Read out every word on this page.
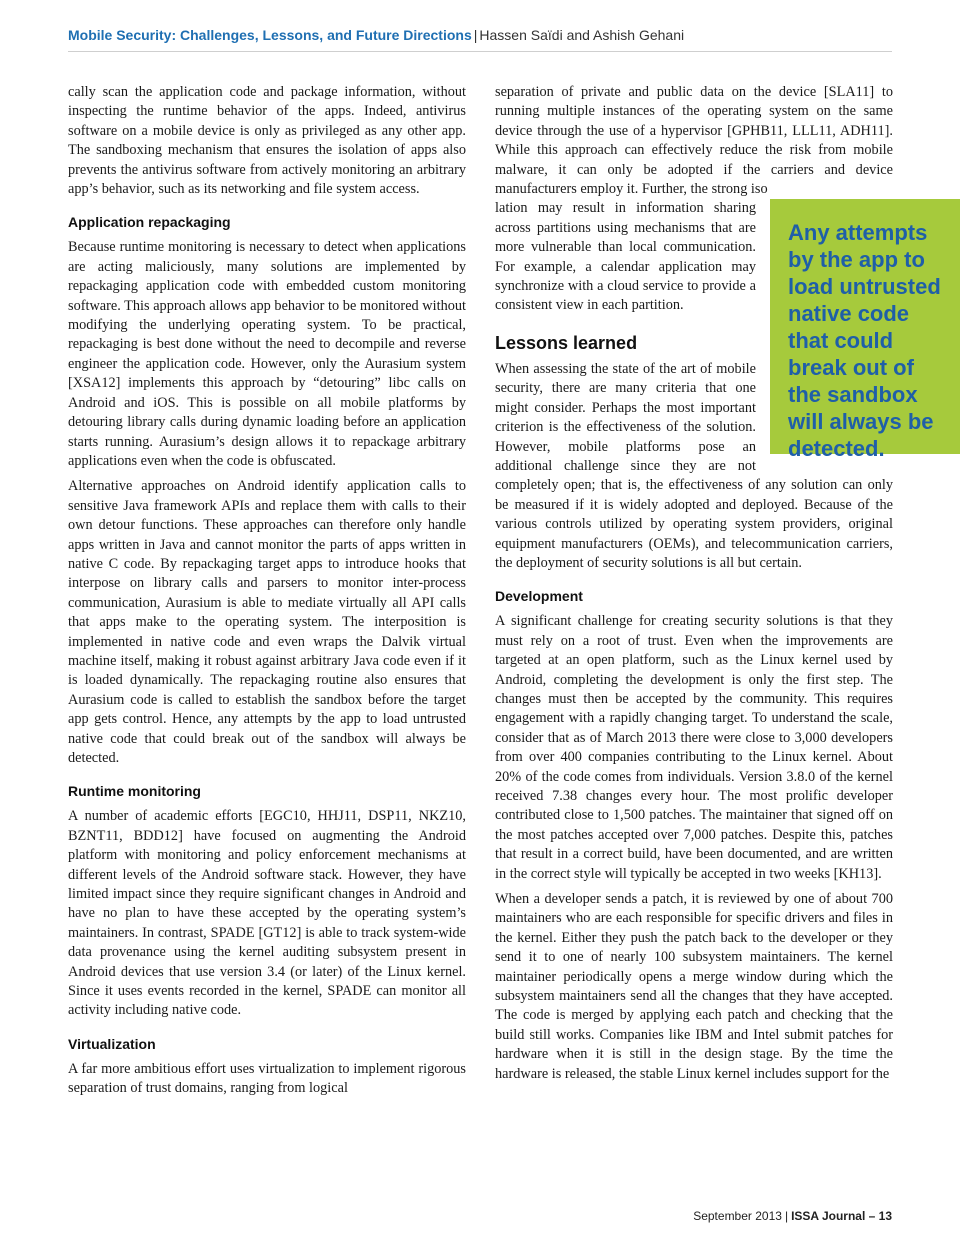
Mobile Security: Challenges, Lessons, and Future Directions | Hassen Saïdi and Ashish Gehani

cally scan the application code and package information, without inspecting the runtime behavior of the apps. Indeed, antivirus software on a mobile device is only as privileged as any other app. The sandboxing mechanism that ensures the isolation of apps also prevents the antivirus software from actively monitoring an arbitrary app’s behavior, such as its networking and file system access.

Application repackaging

Because runtime monitoring is necessary to detect when applications are acting maliciously, many solutions are implemented by repackaging application code with embedded custom monitoring software. This approach allows app behavior to be monitored without modifying the underlying operating system. To be practical, repackaging is best done without the need to decompile and reverse engineer the application code. However, only the Aurasium system [XSA12] implements this approach by “detouring” libc calls on Android and iOS. This is possible on all mobile platforms by detouring library calls during dynamic loading before an application starts running. Aurasium’s design allows it to repackage arbitrary applications even when the code is obfuscated.

Alternative approaches on Android identify application calls to sensitive Java framework APIs and replace them with calls to their own detour functions. These approaches can therefore only handle apps written in Java and cannot monitor the parts of apps written in native C code. By repackaging target apps to introduce hooks that interpose on library calls and parsers to monitor inter-process communication, Aurasium is able to mediate virtually all API calls that apps make to the operating system. The interposition is implemented in native code and even wraps the Dalvik virtual machine itself, making it robust against arbitrary Java code even if it is loaded dynamically. The repackaging routine also ensures that Aurasium code is called to establish the sandbox before the target app gets control. Hence, any attempts by the app to load untrusted native code that could break out of the sandbox will always be detected.

Runtime monitoring

A number of academic efforts [EGC10, HHJ11, DSP11, NKZ10, BZNT11, BDD12] have focused on augmenting the Android platform with monitoring and policy enforcement mechanisms at different levels of the Android software stack. However, they have limited impact since they require significant changes in Android and have no plan to have these accepted by the operating system’s maintainers. In contrast, SPADE [GT12] is able to track system-wide data provenance using the kernel auditing subsystem present in Android devices that use version 3.4 (or later) of the Linux kernel. Since it uses events recorded in the kernel, SPADE can monitor all activity including native code.

Virtualization

A far more ambitious effort uses virtualization to implement rigorous separation of trust domains, ranging from logical

separation of private and public data on the device [SLA11] to running multiple instances of the operating system on the same device through the use of a hypervisor [GPHB11, LLL11, ADH11]. While this approach can effectively reduce the risk from mobile malware, it can only be adopted if the carriers and device manufacturers employ it. Further, the strong iso

Any attempts by the app to load untrusted native code that could break out of the sandbox will always be detected.

lation may result in information sharing across partitions using mechanisms that are more vulnerable than local communication. For example, a calendar application may synchronize with a cloud service to provide a consistent view in each partition.

Lessons learned

When assessing the state of the art of mobile security, there are many criteria that one might consider. Perhaps the most important criterion is the effectiveness of the solution. However, mobile platforms pose an additional challenge since they are not completely open; that is, the effectiveness of any solution can only be measured if it is widely adopted and deployed. Because of the various controls utilized by operating system providers, original equipment manufacturers (OEMs), and telecommunication carriers, the deployment of security solutions is all but certain.

Development

A significant challenge for creating security solutions is that they must rely on a root of trust. Even when the improvements are targeted at an open platform, such as the Linux kernel used by Android, completing the development is only the first step. The changes must then be accepted by the community. This requires engagement with a rapidly changing target. To understand the scale, consider that as of March 2013 there were close to 3,000 developers from over 400 companies contributing to the Linux kernel. About 20% of the code comes from individuals. Version 3.8.0 of the kernel received 7.38 changes every hour. The most prolific developer contributed close to 1,500 patches. The maintainer that signed off on the most patches accepted over 7,000 patches. Despite this, patches that result in a correct build, have been documented, and are written in the correct style will typically be accepted in two weeks [KH13].

When a developer sends a patch, it is reviewed by one of about 700 maintainers who are each responsible for specific drivers and files in the kernel. Either they push the patch back to the developer or they send it to one of nearly 100 subsystem maintainers. The kernel maintainer periodically opens a merge window during which the subsystem maintainers send all the changes that they have accepted. The code is merged by applying each patch and checking that the build still works. Companies like IBM and Intel submit patches for hardware when it is still in the design stage. By the time the hardware is released, the stable Linux kernel includes support for the

September 2013 | ISSA Journal – 13
